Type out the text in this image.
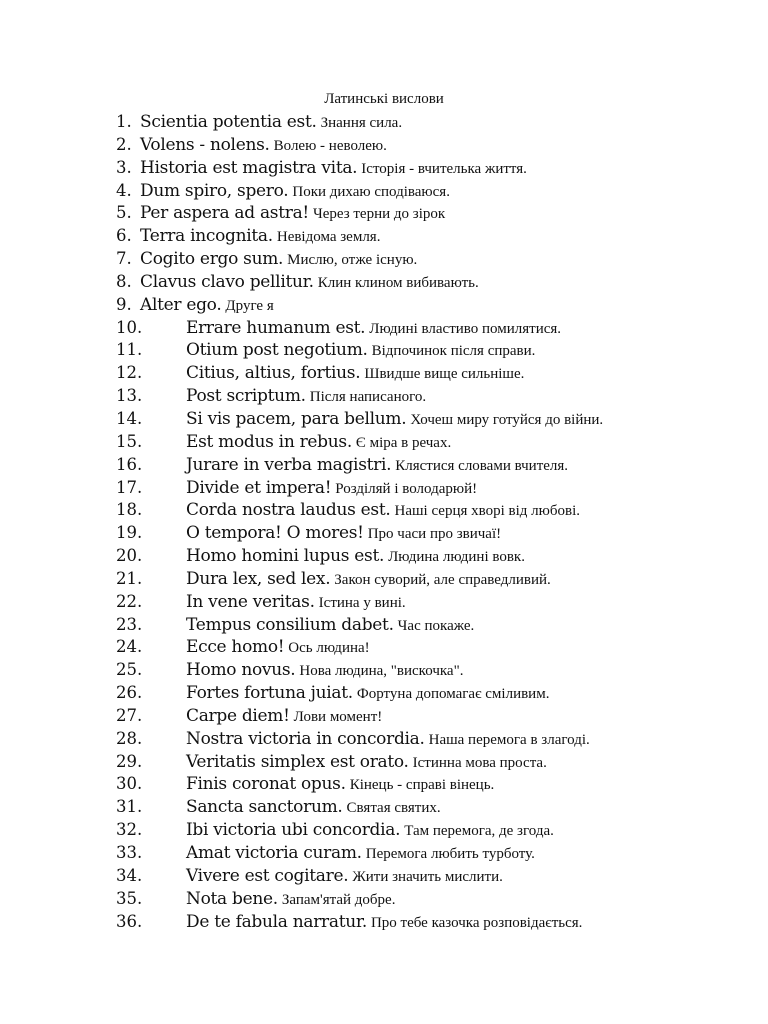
Латинські вислови
1. Scientia potentia est. Знання сила.
2. Volens - nolens. Волею - неволею.
3. Historia est magistra vita. Історія - вчителька життя.
4. Dum spiro, spero. Поки дихаю сподіваюся.
5. Per aspera ad astra! Через терни до зірок
6. Terra incognita. Невідома земля.
7. Cogito ergo sum. Мислю, отже існую.
8. Clavus clavo pellitur. Клин клином вибивають.
9. Alter ego. Друге я
10.	Errare humanum est. Людині властиво помилятися.
11.	Otium post negotium. Відпочинок після справи.
12.	Citius, altius, fortius. Швидше вище сильніше.
13.	Post scriptum. Після написаного.
14.	Si vis pacem, para bellum. Хочеш миру готуйся до війни.
15.	Est modus in rebus. Є міра в речах.
16.	Jurare in verba magistri. Клястися словами вчителя.
17.	Divide et impera! Розділяй і володарюй!
18.	Corda nostra laudus est. Наші серця хворі від любові.
19.	O tempora! O mores! Про часи про звичаї!
20.	Homo homini lupus est. Людина людині вовк.
21.	Dura lex, sed lex. Закон суворий, але справедливий.
22.	In vene veritas. Істина у вині.
23.	Tempus consilium dabet. Час покаже.
24.	Ecce homo! Ось людина!
25.	Homo novus. Нова людина, "вискочка".
26.	Fortes fortuna juiat. Фортуна допомагає сміливим.
27.	Carpe diem! Лови момент!
28.	Nostra victoria in concordia. Наша перемога в злагоді.
29.	Veritatis simplex est orato. Істинна мова проста.
30.	Finis coronat opus. Кінець - справі вінець.
31.	Sancta sanctorum. Святая святих.
32.	Ibi victoria ubi concordia. Там перемога, де згода.
33.	Amat victoria curam. Перемога любить турботу.
34.	Vivere est cogitare. Жити значить мислити.
35.	Nota bene. Запам'ятай добре.
36.	De te fabula narratur. Про тебе казочка розповідається.
